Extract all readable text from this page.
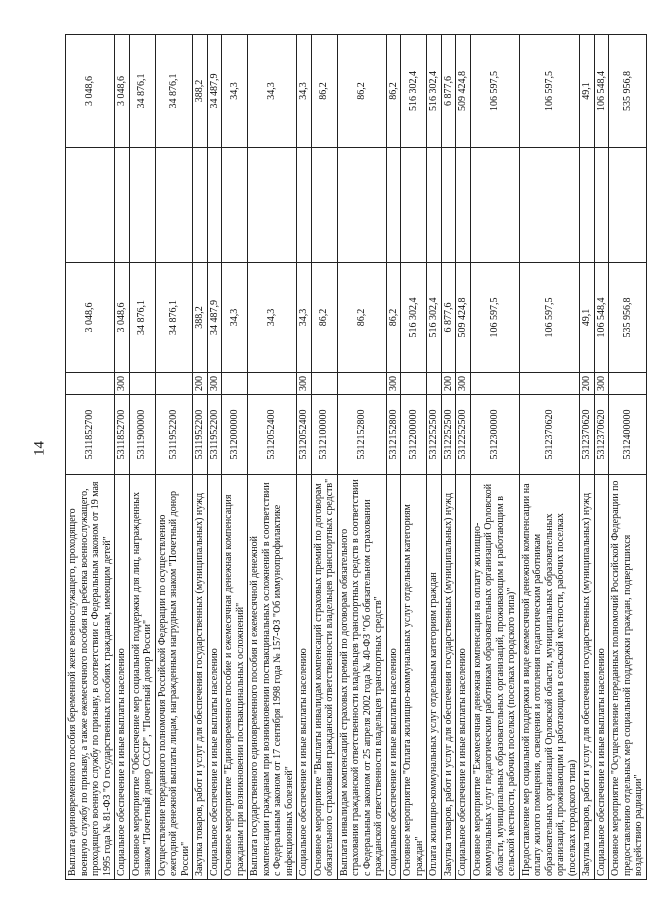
14
Выплата единовременного пособия беременной жене военнослужащего, проходящего военную службу по призыву, а также ежемесячного пособия на ребенка военнослужащего, проходящего военную службу по призыву, в соответствии с Федеральным законом от 19 мая 1995 года № 81-ФЗ "О государственных пособиях гражданам, имеющим детей"	5311852700		3 048,6		3 048,6
Социальное обеспечение и иные выплаты населению	5311852700	300	3 048,6		3 048,6
Основное мероприятие "Обеспечение мер социальной поддержки для лиц, награжденных знаком "Почетный донор СССР", "Почетный донор России"	5311900000		34 876,1		34 876,1
Осуществление переданного полномочия Российской Федерации по осуществлению ежегодной денежной выплаты лицам, награжденным нагрудным знаком "Почетный донор России"	5311952200		34 876,1		34 876,1
Закупка товаров, работ и услуг для обеспечения государственных (муниципальных) нужд	5311952200	200	388,2		388,2
Социальное обеспечение и иные выплаты населению	5311952200	300	34 487,9		34 487,9
Основное мероприятие "Единовременное пособие и ежемесячная денежная компенсация гражданам при возникновении поствакцинальных осложнений"	5312000000		34,3		34,3
Выплата государственного единовременного пособия и ежемесячной денежной компенсации гражданам при возникновении поствакцинальных осложнений в соответствии с Федеральным законом от 17 сентября 1998 года № 157-ФЗ "Об иммунопрофилактике инфекционных болезней"	5312052400		34,3		34,3
Социальное обеспечение и иные выплаты населению	5312052400	300	34,3		34,3
Основное мероприятие "Выплаты инвалидам компенсаций страховых премий по договорам обязательного страхования гражданской ответственности владельцев транспортных средств"	5312100000		86,2		86,2
Выплата инвалидам компенсаций страховых премий по договорам обязательного страхования гражданской ответственности владельцев транспортных средств в соответствии с Федеральным законом от 25 апреля 2002 года № 40-ФЗ "Об обязательном страховании гражданской ответственности владельцев транспортных средств"	5312152800		86,2		86,2
Социальное обеспечение и иные выплаты населению	5312152800	300	86,2		86,2
Основное мероприятие "Оплата жилищно-коммунальных услуг отдельным категориям граждан"	5312200000		516 302,4		516 302,4
Оплата жилищно-коммунальных услуг отдельным категориям граждан	5312252500		516 302,4		516 302,4
Закупка товаров, работ и услуг для обеспечения государственных (муниципальных) нужд	5312252500	200	6 877,6		6 877,6
Социальное обеспечение и иные выплаты населению	5312252500	300	509 424,8		509 424,8
Основное мероприятие "Ежемесячная денежная компенсация на оплату жилищно-коммунальных услуг педагогическим работникам образовательных организаций Орловской области, муниципальных образовательных организаций, проживающим и работающим в сельской местности, рабочих поселках (поселках городского типа)"	5312300000		106 597,5		106 597,5
Предоставление мер социальной поддержки в виде ежемесячной денежной компенсации на оплату жилого помещения, освещения и отопления педагогическим работникам образовательных организаций Орловской области, муниципальных образовательных организаций, проживающим и работающим в сельской местности, рабочих поселках (поселках городского типа)	5312370620		106 597,5		106 597,5
Закупка товаров, работ и услуг для обеспечения государственных (муниципальных) нужд	5312370620	200	49,1		49,1
Социальное обеспечение и иные выплаты населению	5312370620	300	106 548,4		106 548,4
Основное мероприятие "Осуществление переданных полномочий Российской Федерации по предоставлению отдельных мер социальной поддержки граждан, подвергшихся воздействию радиации"	5312400000		535 956,8		535 956,8
